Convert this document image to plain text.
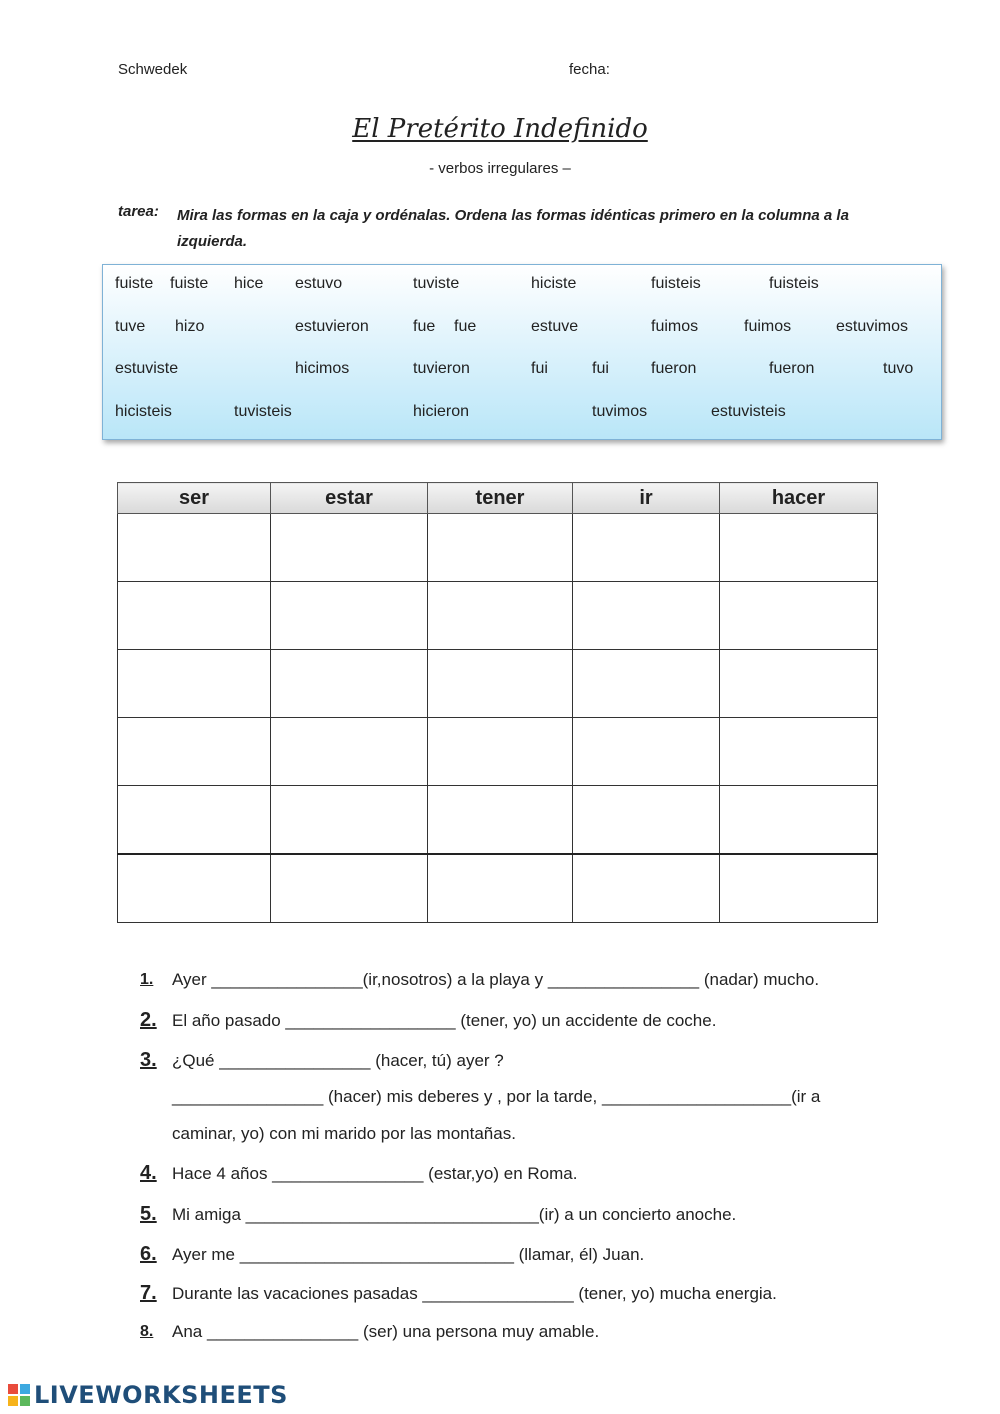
Schwedek	fecha:
El Pretérito Indefinido
- verbos irregulares –
tarea: Mira las formas en la caja y ordénalas. Ordena las formas idénticas primero en la columna a la izquierda.
fuiste fuiste hice estuvo	tuviste	hiciste	fuisteis	fuisteis
tuve hizo	estuvieron	fue fue	estuve	fuimos	fuimos	estuvimos
estuviste	hicimos	tuvieron	fui	fui	fueron	fueron	tuvo
hicisteis	tuvisteis	hicieron	tuvimos	estuvisteis
ser	estar	tener	ir	hacer

1. Ayer ________________(ir,nosotros) a la playa y ________________ (nadar) mucho.
2. El año pasado __________________ (tener, yo) un accidente de coche.
3. ¿Qué ________________ (hacer, tú) ayer ?
________________ (hacer) mis deberes y , por la tarde, ____________________(ir a
caminar, yo) con mi marido por las montañas.
4. Hace 4 años ________________ (estar,yo) en Roma.
5. Mi amiga _______________________________(ir) a un concierto anoche.
6. Ayer me _____________________________ (llamar, él) Juan.
7. Durante las vacaciones pasadas ________________ (tener, yo) mucha energia.
8. Ana ________________ (ser) una persona muy amable.
LIVEWORKSHEETS
